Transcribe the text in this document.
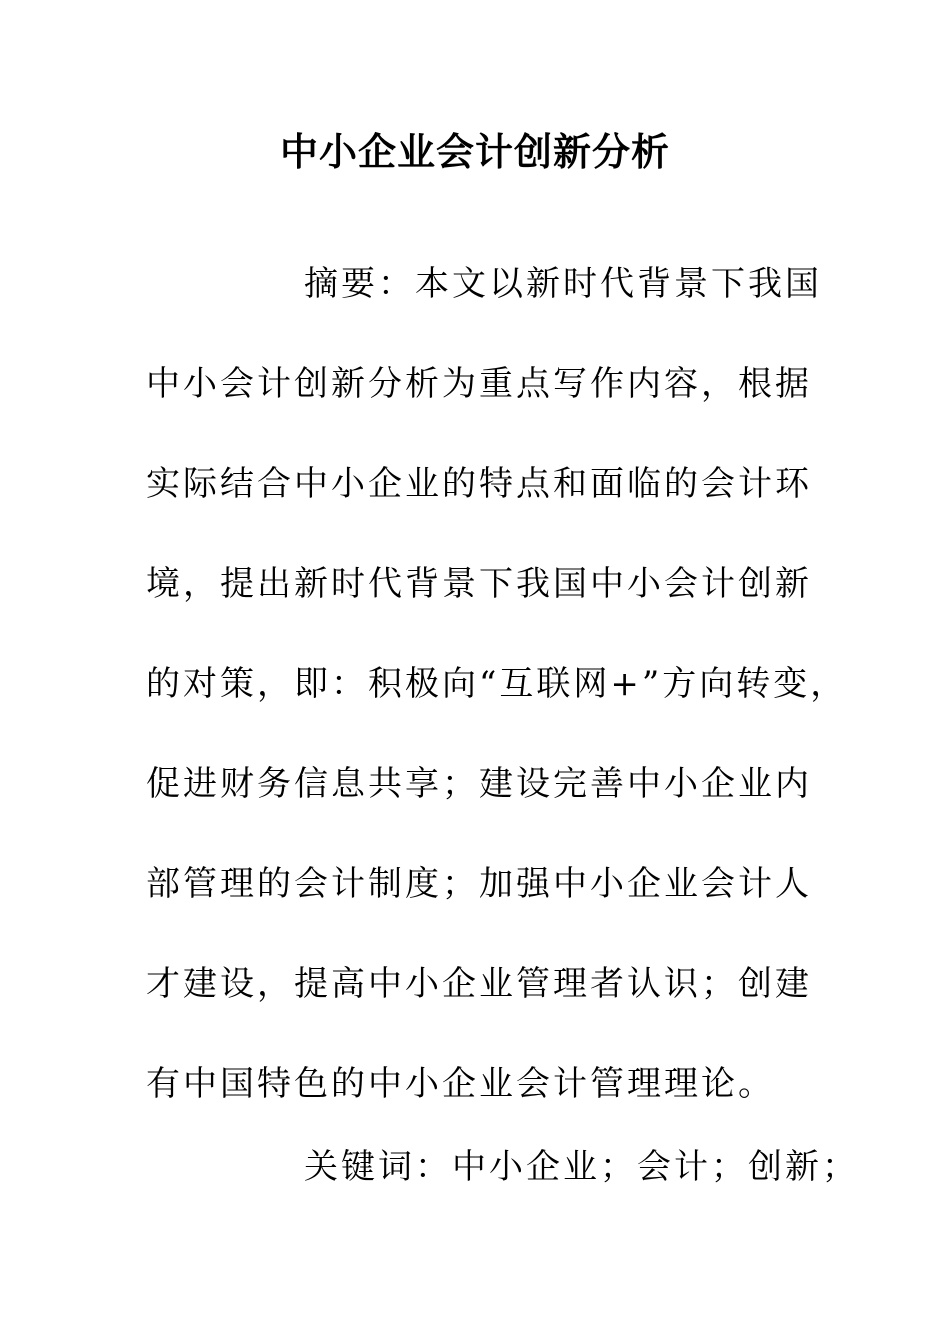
中小企业会计创新分析
摘要：本文以新时代背景下我国
中小会计创新分析为重点写作内容，根据
实际结合中小企业的特点和面临的会计环
境，提出新时代背景下我国中小会计创新
的对策，即：积极向“互联网+”方向转变，
促进财务信息共享；建设完善中小企业内
部管理的会计制度；加强中小企业会计人
才建设，提高中小企业管理者认识；创建
有中国特色的中小企业会计管理理论。
关键词：中小企业；会计；创新；
